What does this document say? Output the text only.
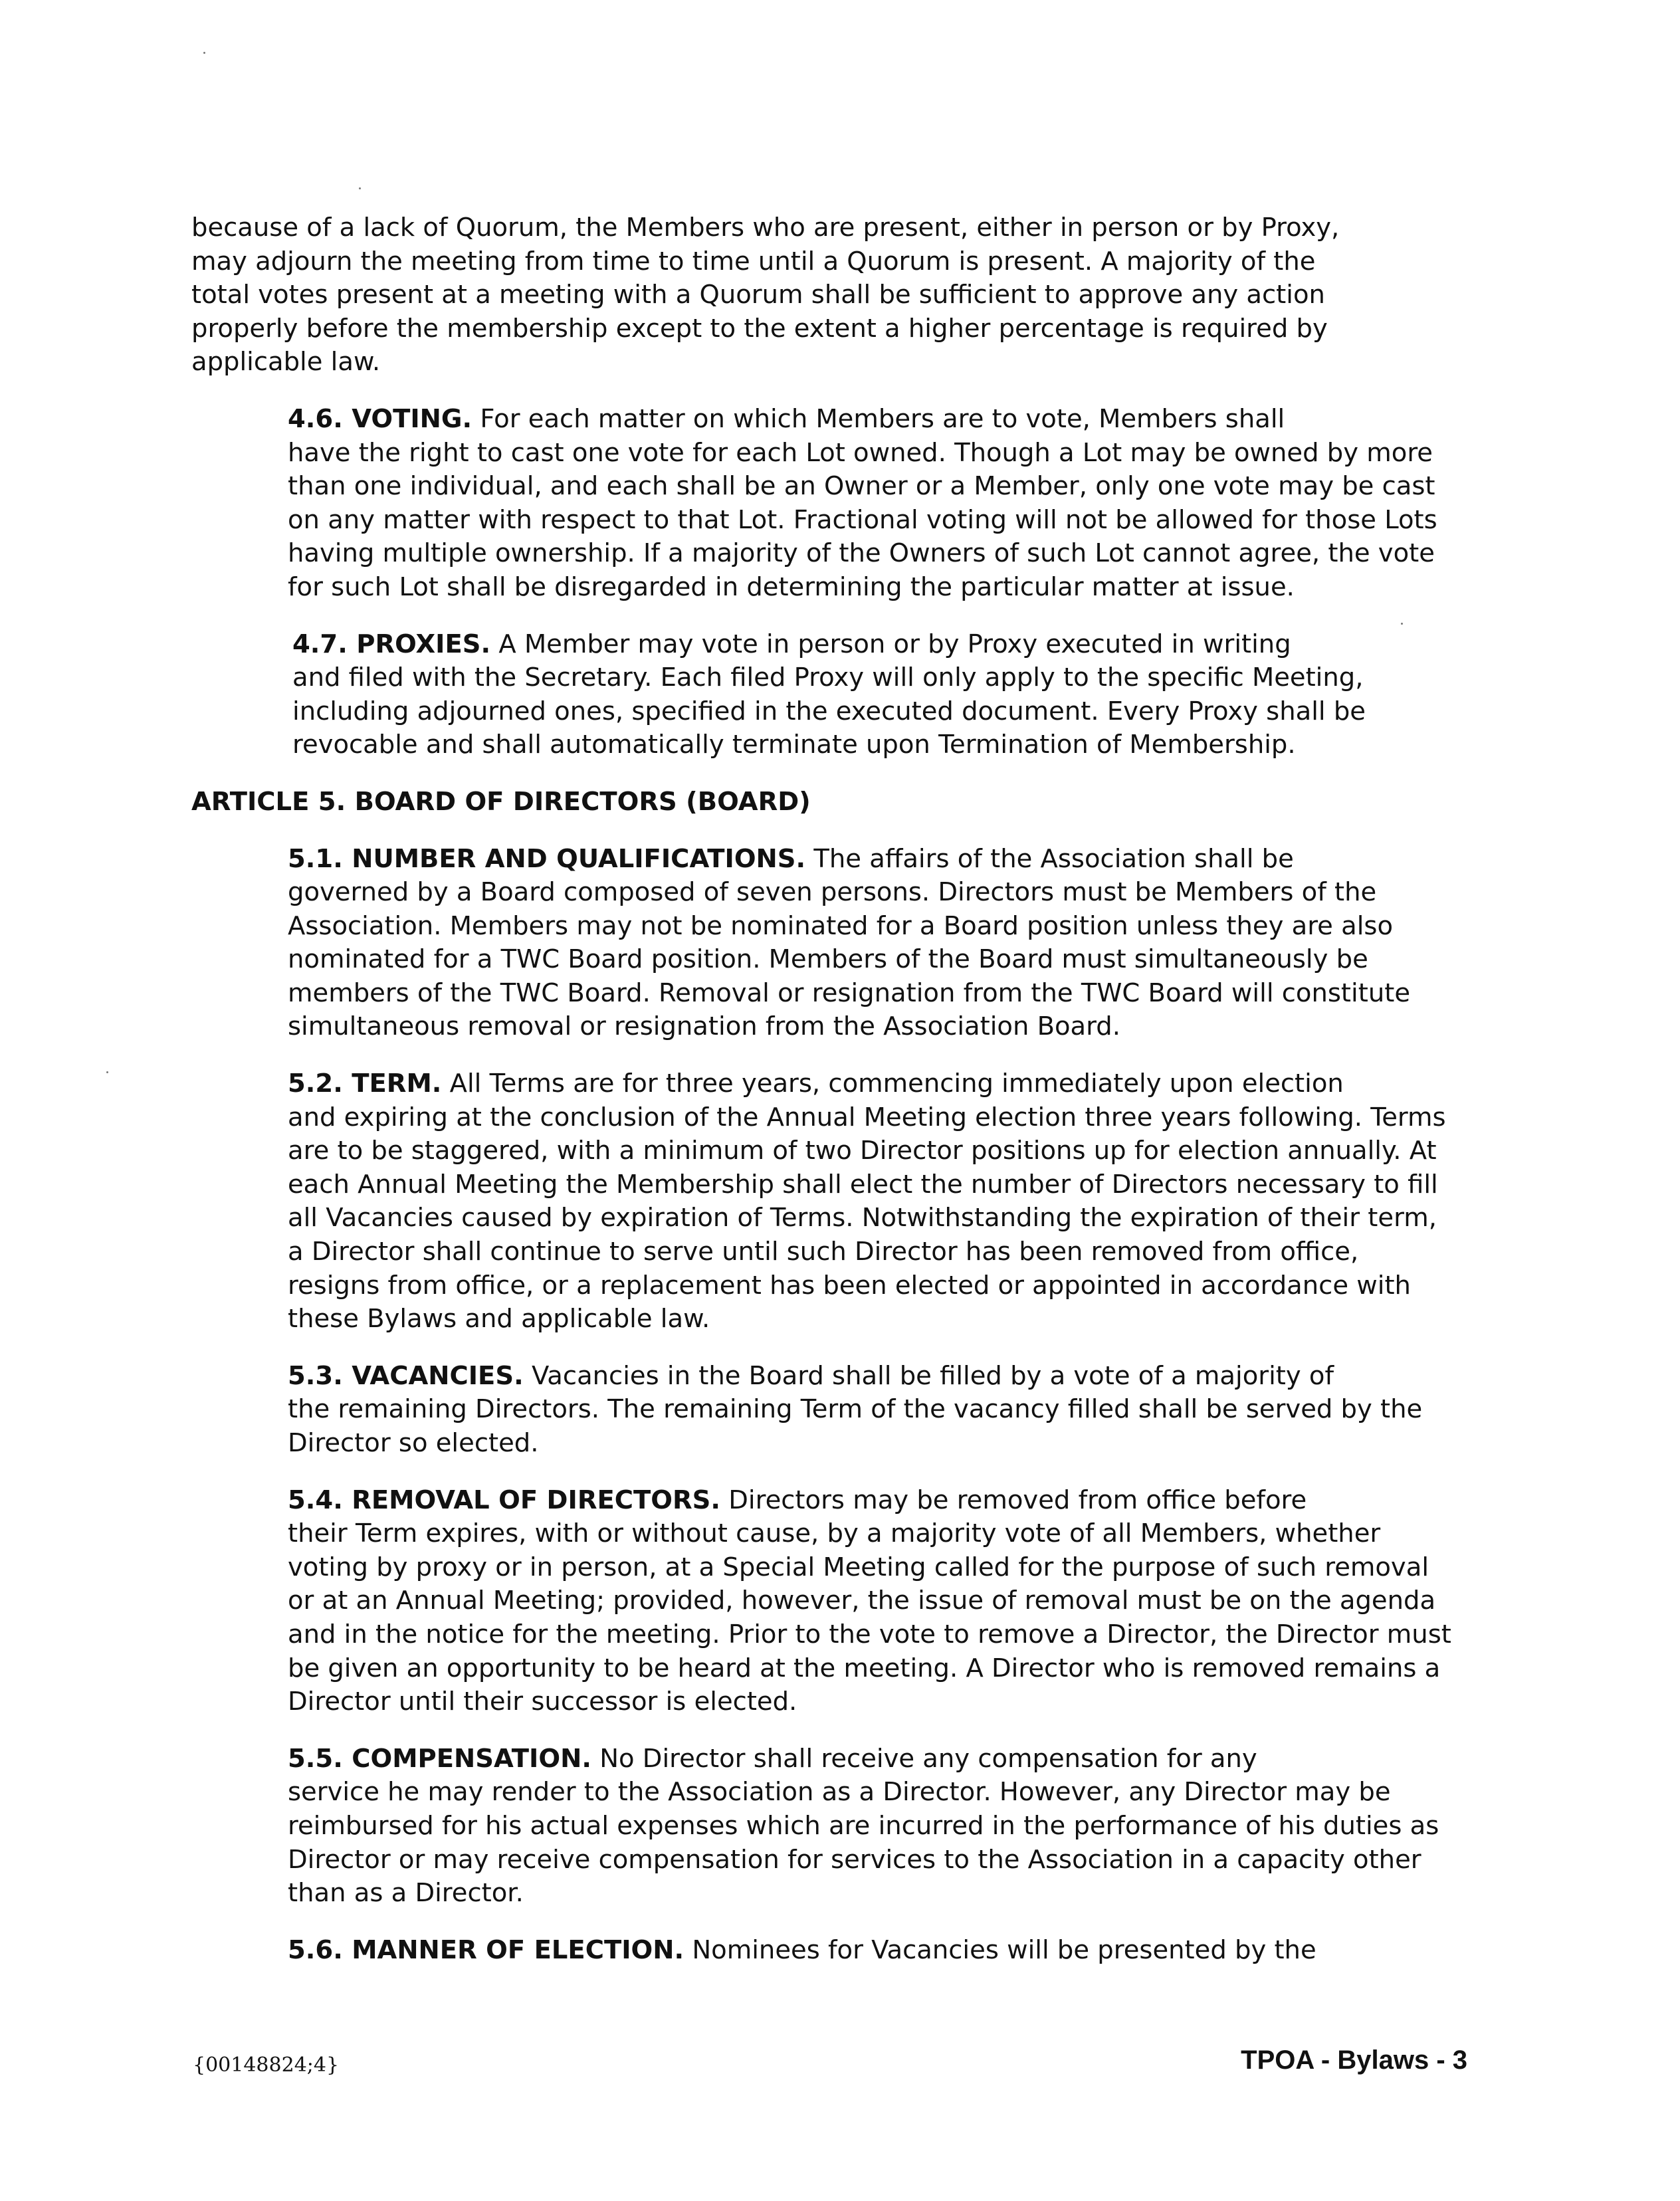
because of a lack of Quorum, the Members who are present, either in person or by Proxy,
may adjourn the meeting from time to time until a Quorum is present. A majority of the
total votes present at a meeting with a Quorum shall be sufficient to approve any action
properly before the membership except to the extent a higher percentage is required by
applicable law.

4.6. VOTING. For each matter on which Members are to vote, Members shall
have the right to cast one vote for each Lot owned. Though a Lot may be owned by more
than one individual, and each shall be an Owner or a Member, only one vote may be cast
on any matter with respect to that Lot. Fractional voting will not be allowed for those Lots
having multiple ownership. If a majority of the Owners of such Lot cannot agree, the vote
for such Lot shall be disregarded in determining the particular matter at issue.

4.7. PROXIES. A Member may vote in person or by Proxy executed in writing
and filed with the Secretary. Each filed Proxy will only apply to the specific Meeting,
including adjourned ones, specified in the executed document. Every Proxy shall be
revocable and shall automatically terminate upon Termination of Membership.

ARTICLE 5. BOARD OF DIRECTORS (BOARD)

5.1. NUMBER AND QUALIFICATIONS. The affairs of the Association shall be
governed by a Board composed of seven persons. Directors must be Members of the
Association. Members may not be nominated for a Board position unless they are also
nominated for a TWC Board position. Members of the Board must simultaneously be
members of the TWC Board. Removal or resignation from the TWC Board will constitute
simultaneous removal or resignation from the Association Board.

5.2. TERM. All Terms are for three years, commencing immediately upon election
and expiring at the conclusion of the Annual Meeting election three years following. Terms
are to be staggered, with a minimum of two Director positions up for election annually. At
each Annual Meeting the Membership shall elect the number of Directors necessary to fill
all Vacancies caused by expiration of Terms. Notwithstanding the expiration of their term,
a Director shall continue to serve until such Director has been removed from office,
resigns from office, or a replacement has been elected or appointed in accordance with
these Bylaws and applicable law.

5.3. VACANCIES. Vacancies in the Board shall be filled by a vote of a majority of
the remaining Directors. The remaining Term of the vacancy filled shall be served by the
Director so elected.

5.4. REMOVAL OF DIRECTORS. Directors may be removed from office before
their Term expires, with or without cause, by a majority vote of all Members, whether
voting by proxy or in person, at a Special Meeting called for the purpose of such removal
or at an Annual Meeting; provided, however, the issue of removal must be on the agenda
and in the notice for the meeting. Prior to the vote to remove a Director, the Director must
be given an opportunity to be heard at the meeting. A Director who is removed remains a
Director until their successor is elected.

5.5. COMPENSATION. No Director shall receive any compensation for any
service he may render to the Association as a Director. However, any Director may be
reimbursed for his actual expenses which are incurred in the performance of his duties as
Director or may receive compensation for services to the Association in a capacity other
than as a Director.

5.6. MANNER OF ELECTION. Nominees for Vacancies will be presented by the

{00148824;4}	TPOA - Bylaws - 3
